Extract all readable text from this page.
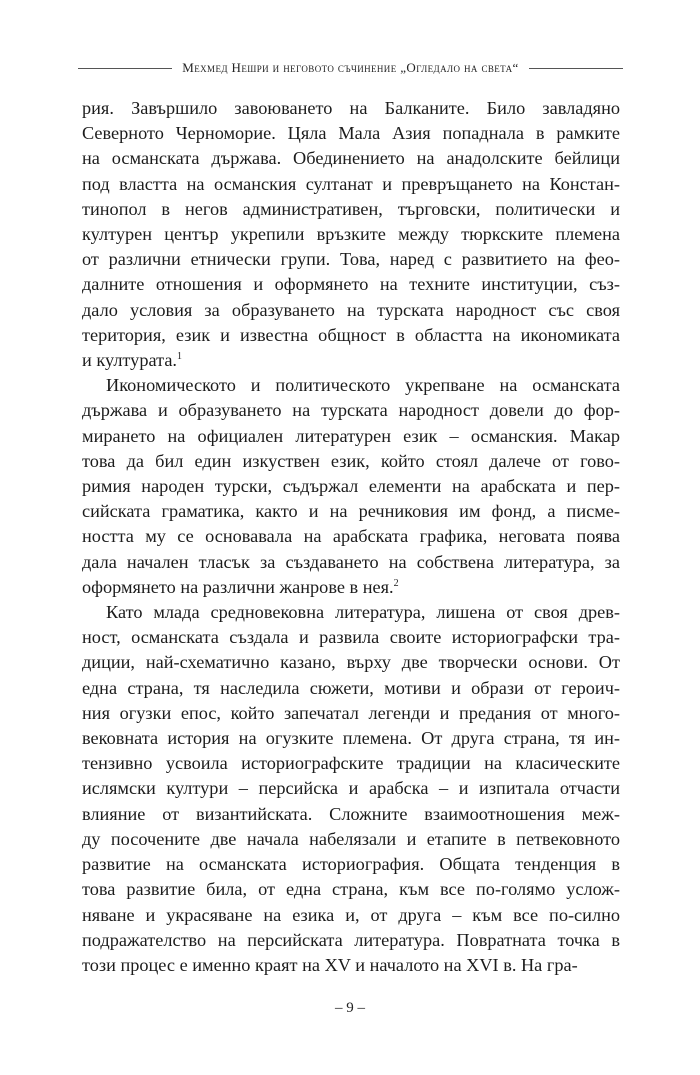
Мехмед Нешри и неговото съчинение „Огледало на света“

рия. Завършило завоюването на Балканите. Било завладяно
Северното Черноморие. Цяла Мала Азия попаднала в рамките
на османската държава. Обединението на анадолските бейлици
под властта на османския султанат и превръщането на Констан-
тинопол в негов административен, търговски, политически и
културен център укрепили връзките между тюркските племена
от различни етнически групи. Това, наред с развитието на фео-
далните отношения и оформянето на техните институции, съз-
дало условия за образуването на турската народност със своя
територия, език и известна общност в областта на икономиката
и културата.$^1$

Икономическото и политическото укрепване на османската
държава и образуването на турската народност довели до фор-
мирането на официален литературен език – османския. Макар
това да бил един изкуствен език, който стоял далече от гово-
римия народен турски, съдържал елементи на арабската и пер-
сийската граматика, както и на речниковия им фонд, а писме-
ността му се основавала на арабската графика, неговата поява
дала начален тласък за създаването на собствена литература, за
оформянето на различни жанрове в нея.$^2$

Като млада средновековна литература, лишена от своя древ-
ност, османската създала и развила своите историографски тра-
диции, най-схематично казано, върху две творчески основи. От
една страна, тя наследила сюжети, мотиви и образи от героич-
ния огузки епос, който запечатал легенди и предания от много-
вековната история на огузките племена. От друга страна, тя ин-
тензивно усвоила историографските традиции на класическите
ислямски култури – персийска и арабска – и изпитала отчасти
влияние от византийската. Сложните взаимоотношения меж-
ду посочените две начала набелязали и етапите в петвековното
развитие на османската историография. Общата тенденция в
това развитие била, от една страна, към все по-голямо услож-
няване и украсяване на езика и, от друга – към все по-силно
подражателство на персийската литература. Повратната точка в
този процес е именно краят на XV и началото на XVI в. На гра-

– 9 –
